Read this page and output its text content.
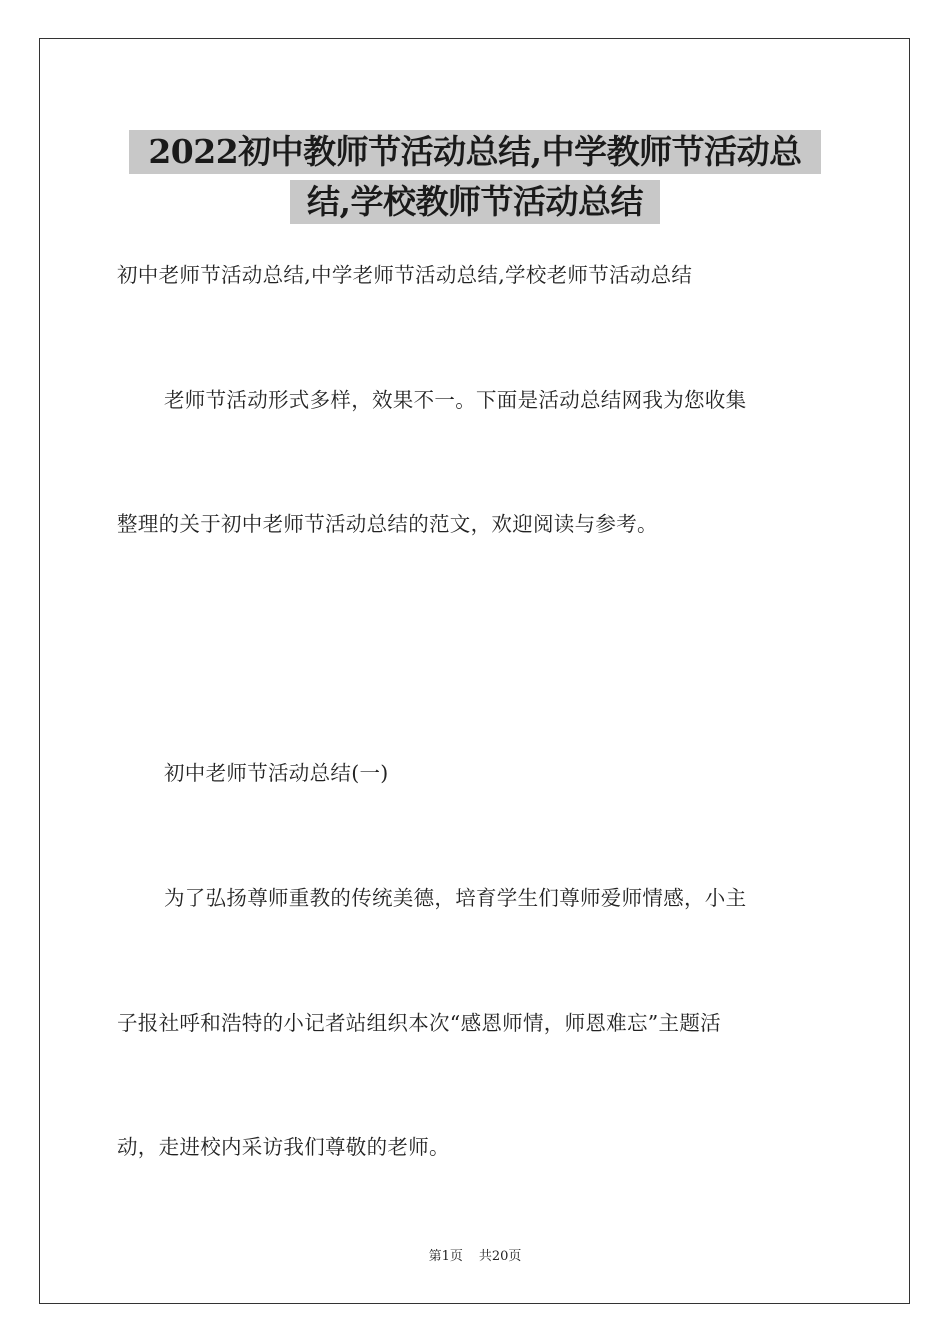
2022初中教师节活动总结,中学教师节活动总
结,学校教师节活动总结
初中老师节活动总结,中学老师节活动总结,学校老师节活动总结
老师节活动形式多样，效果不一。下面是活动总结网我为您收集
整理的关于初中老师节活动总结的范文，欢迎阅读与参考。
初中老师节活动总结(一)
为了弘扬尊师重教的传统美德，培育学生们尊师爱师情感，小主
子报社呼和浩特的小记者站组织本次“感恩师情，师恩难忘”主题活
动，走进校内采访我们尊敬的老师。
第1页 共20页
